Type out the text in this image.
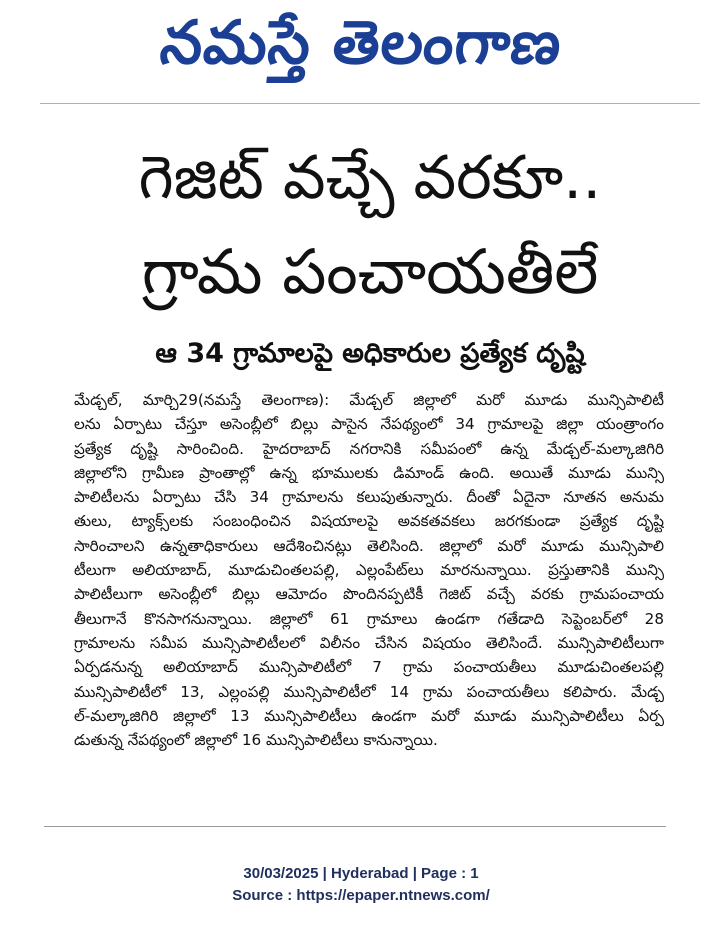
నమస్తే తెలంగాణ
గెజిట్ వచ్చే వరకూ..
గ్రామ పంచాయతీలే
ఆ 34 గ్రామాలపై అధికారుల ప్రత్యేక దృష్టి
మేడ్చల్, మార్చి29(నమస్తే తెలంగాణ): మేడ్చల్ జిల్లాలో మరో మూడు మున్సిపాలిటీ
లను ఏర్పాటు చేస్తూ అసెంబ్లీలో బిల్లు పాసైన నేపథ్యంలో 34 గ్రామాలపై జిల్లా యంత్రాంగం
ప్రత్యేక దృష్టి సారించింది. హైదరాబాద్ నగరానికి సమీపంలో ఉన్న మేడ్చల్-మల్కాజిగిరి
జిల్లాలోని గ్రామీణ ప్రాంతాల్లో ఉన్న భూములకు డిమాండ్ ఉంది. అయితే మూడు మున్సి
పాలిటీలను ఏర్పాటు చేసి 34 గ్రామాలను కలుపుతున్నారు. దీంతో ఏదైనా నూతన అనుమ
తులు, ట్యాక్స్‌లకు సంబంధించిన విషయాలపై అవకతవకలు జరగకుండా ప్రత్యేక దృష్టి
సారించాలని ఉన్నతాధికారులు ఆదేశించినట్లు తెలిసింది. జిల్లాలో మరో మూడు మున్సిపాలి
టీలుగా అలియాబాద్, మూడుచింతలపల్లి, ఎల్లంపేట్‌లు మారనున్నాయి. ప్రస్తుతానికి మున్సి
పాలిటీలుగా అసెంబ్లీలో బిల్లు ఆమోదం పొందినప్పటికీ గెజిట్ వచ్చే వరకు గ్రామపంచాయ
తీలుగానే కొనసాగనున్నాయి. జిల్లాలో 61 గ్రామాలు ఉండగా గతేడాది సెప్టెంబర్‌లో 28
గ్రామాలను సమీప మున్సిపాలిటీలలో విలీనం చేసిన విషయం తెలిసిందే. మున్సిపాలిటీలుగా
ఏర్పడనున్న అలియాబాద్ మున్సిపాలిటీలో 7 గ్రామ పంచాయతీలు మూడుచింతలపల్లి
మున్సిపాలిటీలో 13, ఎల్లంపల్లి మున్సిపాలిటీలో 14 గ్రామ పంచాయతీలు కలిపారు. మేడ్చ
ల్-మల్కాజిగిరి జిల్లాలో 13 మున్సిపాలిటీలు ఉండగా మరో మూడు మున్సిపాలిటీలు ఏర్ప
డుతున్న నేపథ్యంలో జిల్లాలో 16 మున్సిపాలిటీలు కానున్నాయి.
30/03/2025 | Hyderabad | Page : 1
Source : https://epaper.ntnews.com/
